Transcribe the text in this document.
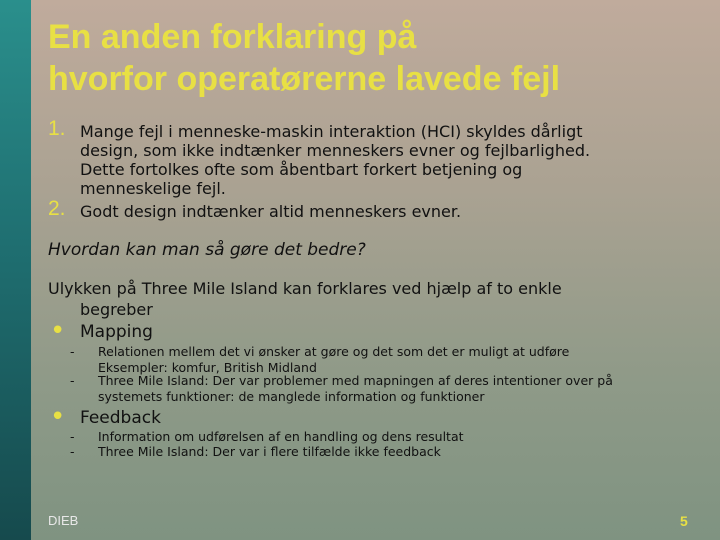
En anden forklaring på
hvorfor operatørerne lavede fejl
1. Mange fejl i menneske-maskin interaktion (HCI) skyldes dårligt
design, som ikke indtænker menneskers evner og fejlbarlighed.
Dette fortolkes ofte som åbentbart forkert betjening og
menneskelige fejl.
2. Godt design indtænker altid menneskers evner.
Hvordan kan man så gøre det bedre?
Ulykken på Three Mile Island kan forklares ved hjælp af to enkle
begreber
• Mapping
-	Relationen mellem det vi ønsker at gøre og det som det er muligt at udføre
Eksempler: komfur, British Midland
-	Three Mile Island: Der var problemer med mapningen af deres intentioner over på
systemets funktioner: de manglede information og funktioner
• Feedback
-	Information om udførelsen af en handling og dens resultat
-	Three Mile Island: Der var i flere tilfælde ikke feedback
DIEB	5
